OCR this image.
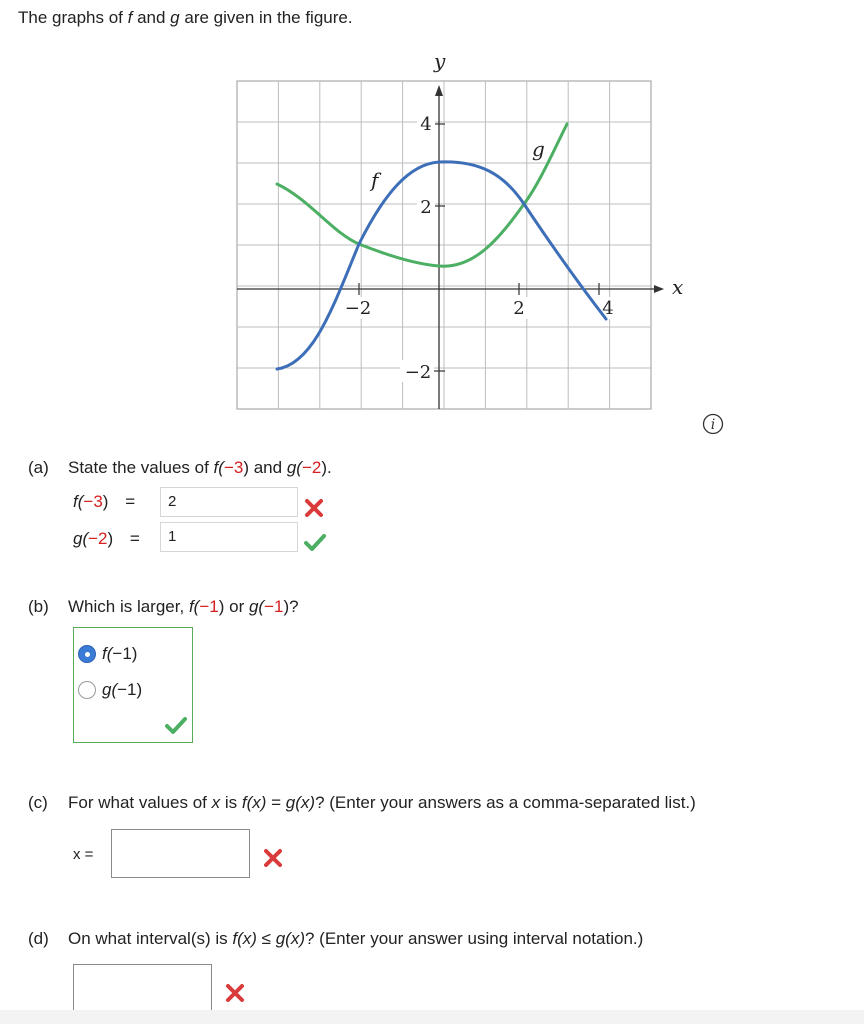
The graphs of f and g are given in the figure.
4
2
−2
−2	2	4
f
g
y
x
i
(a) State the values of f(−3) and g(−2).
f(−3) =	2
g(−2) =	1
(b) Which is larger, f(−1) or g(−1)?
f(−1)
g(−1)
(c) For what values of x is f(x) = g(x)? (Enter your answers as a comma-separated list.)
x =
(d) On what interval(s) is f(x) ≤ g(x)? (Enter your answer using interval notation.)
